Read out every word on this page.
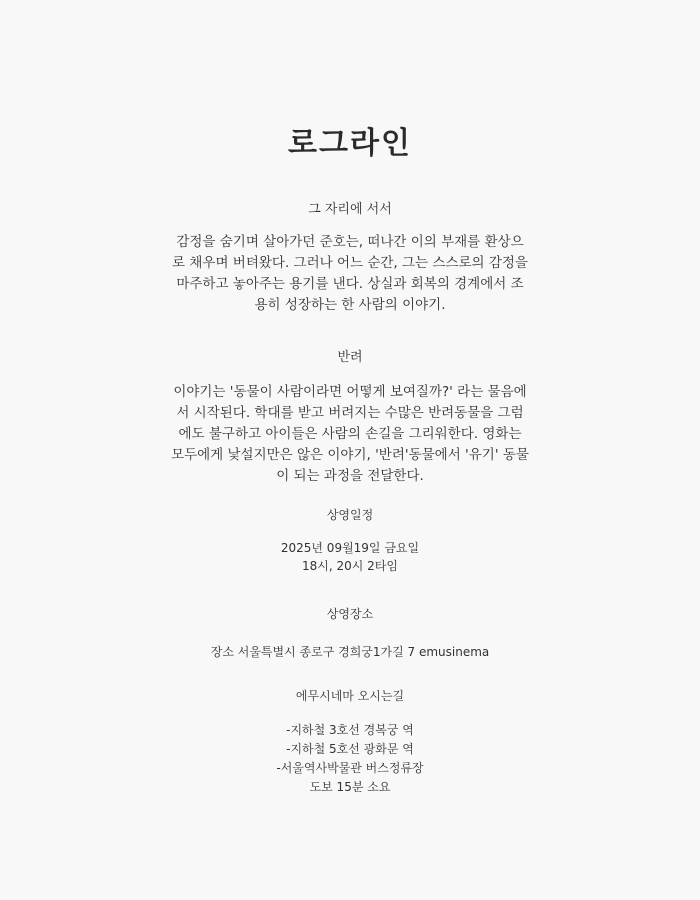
로그라인
그 자리에 서서
감정을 숨기며 살아가던 준호는, 떠나간 이의 부재를 환상으
로 채우며 버텨왔다. 그러나 어느 순간, 그는 스스로의 감정을
마주하고 놓아주는 용기를 낸다. 상실과 회복의 경계에서 조
용히 성장하는 한 사람의 이야기.
반려
이야기는 '동물이 사람이라면 어떻게 보여질까?' 라는 물음에
서 시작된다. 학대를 받고 버려지는 수많은 반려동물을 그럼
에도 불구하고 아이들은 사람의 손길을 그리워한다. 영화는
모두에게 낯설지만은 않은 이야기, '반려'동물에서 '유기' 동물
이 되는 과정을 전달한다.
상영일정
2025년 09월19일 금요일
18시, 20시 2타임
상영장소
장소 서울특별시 종로구 경희궁1가길 7 emusinema
에무시네마 오시는길
-지하철 3호선 경복궁 역
-지하철 5호선 광화문 역
-서울역사박물관 버스정류장
도보 15분 소요
